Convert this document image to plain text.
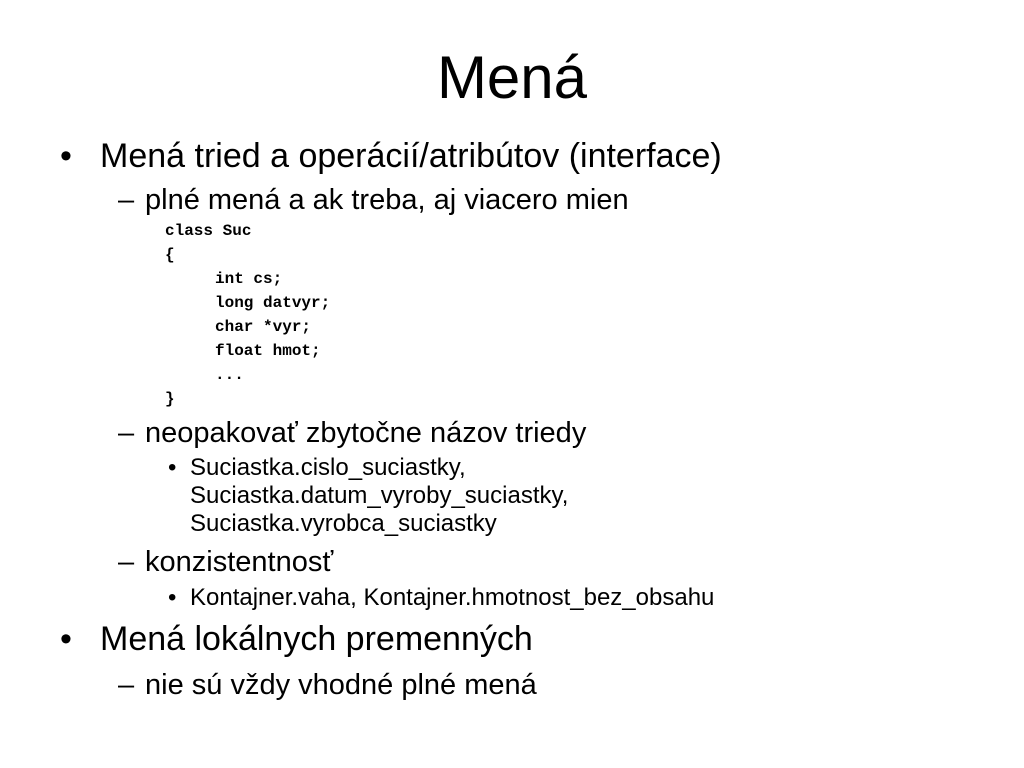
Mená
• Mená tried a operácií/atribútov (interface)
– plné mená a ak treba, aj viacero mien
class Suc
{
int cs;
long datvyr;
char *vyr;
float hmot;
...
}
– neopakovať zbytočne názov triedy
• Suciastka.cislo_suciastky,
Suciastka.datum_vyroby_suciastky,
Suciastka.vyrobca_suciastky
– konzistentnosť
• Kontajner.vaha, Kontajner.hmotnost_bez_obsahu
• Mená lokálnych premenných
– nie sú vždy vhodné plné mená
